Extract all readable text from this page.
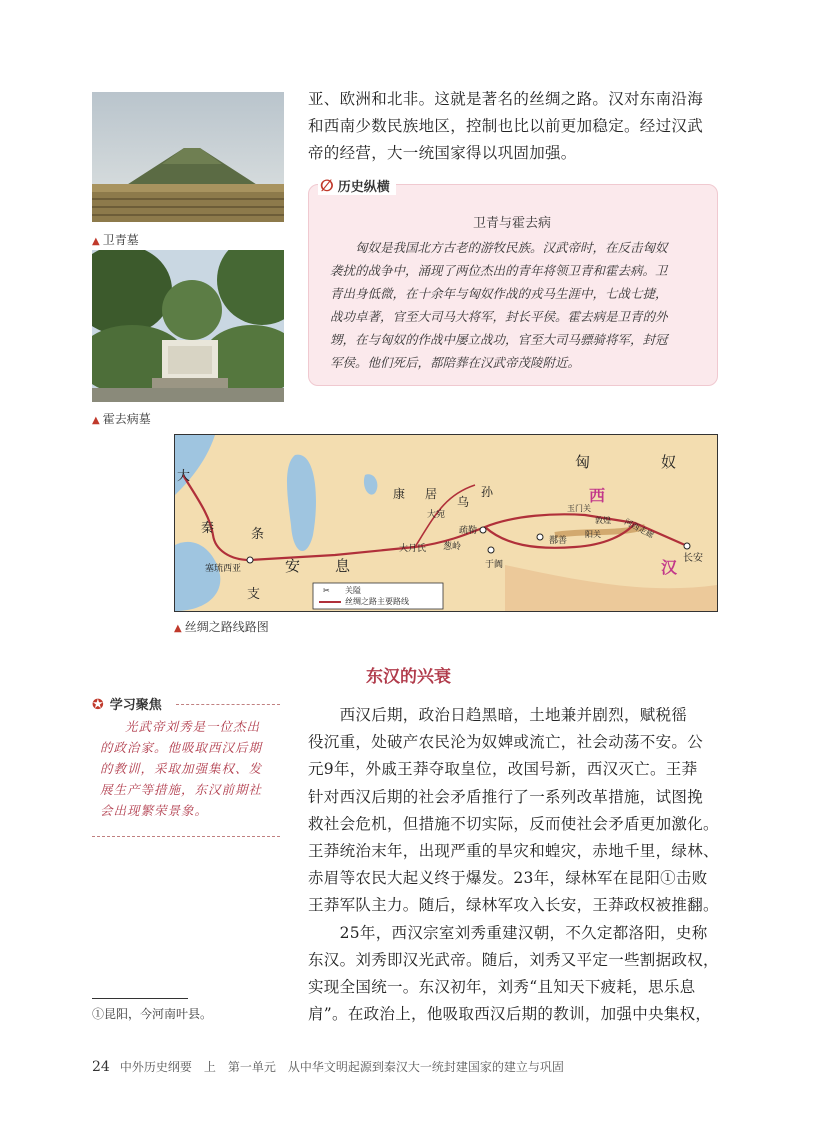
▲ 卫青墓
▲ 霍去病墓

亚、欧洲和北非。这就是著名的丝绸之路。汉对东南沿海

和西南少数民族地区，控制也比以前更加稳定。经过汉武

帝的经营，大一统国家得以巩固加强。

∅ 历史纵横
卫青与霍去病

匈奴是我国北方古老的游牧民族。汉武帝时，在反击匈奴

袭扰的战争中，涌现了两位杰出的青年将领卫青和霍去病。卫
青出身低微，在十余年与匈奴作战的戎马生涯中，七战七捷，
战功卓著，官至大司马大将军，封长平侯。霍去病是卫青的外
甥，在与匈奴的作战中屡立战功，官至大司马骠骑将军，封冠
军侯。他们死后，都陪葬在汉武帝茂陵附近。
✂
匈	奴
大
秦	条
支
安 息
康 居
乌
孙
大宛
疏勒
葱岭
大月氏
于阗
鄯善
玉门关
阳关
敦煌 河西走廊
长安
西
汉
塞琉西亚
关隘
丝绸之路主要路线
▲ 丝绸之路线路图
东汉的兴衰
✪ 学习聚焦

光武帝刘秀是一位杰出

的政治家。他吸取西汉后期
的教训，采取加强集权、发
展生产等措施，东汉前期社
会出现繁荣景象。
　　西汉后期，政治日趋黑暗，土地兼并剧烈，赋税徭
役沉重，处破产农民沦为奴婢或流亡，社会动荡不安。公
元9年，外戚王莽夺取皇位，改国号新，西汉灭亡。王莽
针对西汉后期的社会矛盾推行了一系列改革措施，试图挽
救社会危机，但措施不切实际，反而使社会矛盾更加激化。
王莽统治末年，出现严重的旱灾和蝗灾，赤地千里，绿林、
赤眉等农民大起义终于爆发。23年，绿林军在昆阳①击败
王莽军队主力。随后，绿林军攻入长安，王莽政权被推翻。
　　25年，西汉宗室刘秀重建汉朝，不久定都洛阳，史称
东汉。刘秀即汉光武帝。随后，刘秀又平定一些割据政权，
实现全国统一。东汉初年，刘秀“且知天下疲耗，思乐息
肩”。在政治上，他吸取西汉后期的教训，加强中央集权，
①昆阳，今河南叶县。
24 中外历史纲要　上　第一单元　从中华文明起源到秦汉大一统封建国家的建立与巩固
